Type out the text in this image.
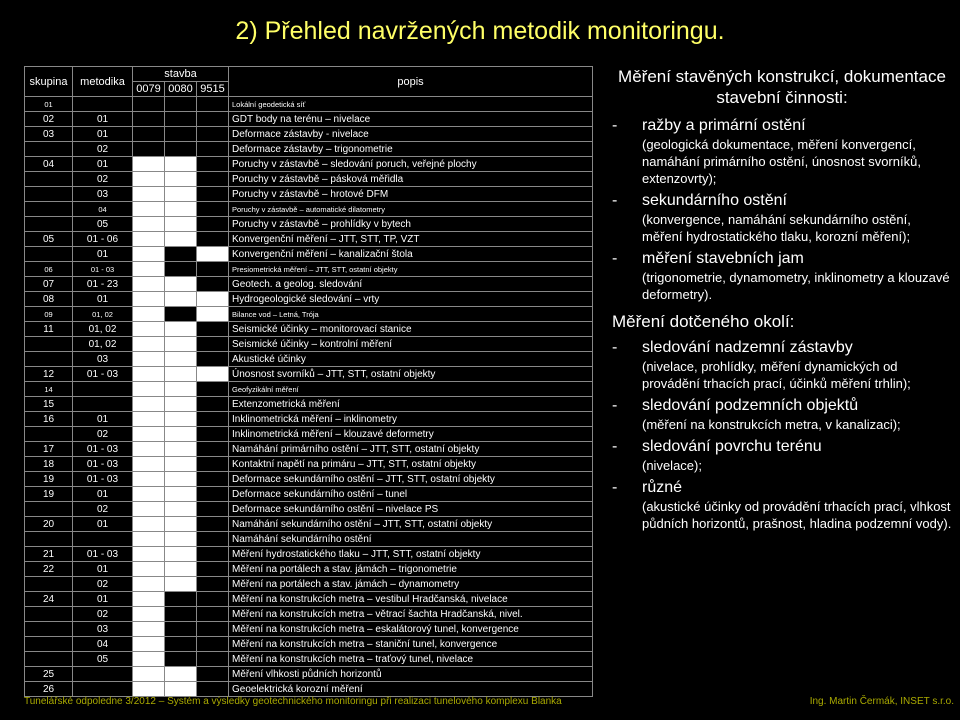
2) Přehled navržených metodik monitoringu.
skupina	metodika	stavba			popis
		0079	0080	9515	
01					Lokální geodetická síť
02	01				GDT body na terénu – nivelace
03	01				Deformace zástavby - nivelace
	02				Deformace zástavby – trigonometrie
04	01				Poruchy v zástavbě – sledování poruch, veřejné plochy
	02				Poruchy v zástavbě – pásková měřidla
	03				Poruchy v zástavbě – hrotové DFM
	04				Poruchy v zástavbě – automatické dilatometry
	05				Poruchy v zástavbě – prohlídky v bytech
05	01 - 06				Konvergenční měření – JTT, STT, TP, VZT
	01				Konvergenční měření – kanalizační štola
06	01 - 03				Presiometrická měření – JTT, STT, ostatní objekty
07	01 - 23				Geotech. a geolog. sledování
08	01				Hydrogeologické sledování – vrty
09	01, 02				Bilance vod – Letná, Trója
11	01, 02				Seismické účinky – monitorovací stanice
	01, 02				Seismické účinky – kontrolní měření
	03				Akustické účinky
12	01 - 03				Únosnost svorníků – JTT, STT, ostatní objekty
14					Geofyzikální měření
15					Extenzometrická měření
16	01				Inklinometrická měření – inklinometry
	02				Inklinometrická měření – klouzavé deformetry
17	01 - 03				Namáhání primárního ostění – JTT, STT, ostatní objekty
18	01 - 03				Kontaktní napětí na primáru – JTT, STT, ostatní objekty
19	01 - 03				Deformace sekundárního ostění – JTT, STT, ostatní objekty
19	01				Deformace sekundárního ostění – tunel
	02				Deformace sekundárního ostění – nivelace PS
20	01				Namáhání sekundárního ostění – JTT, STT, ostatní objekty
					Namáhání sekundárního ostění
21	01 - 03				Měření hydrostatického tlaku – JTT, STT, ostatní objekty
22	01				Měření na portálech a stav. jámách – trigonometrie
	02				Měření na portálech a stav. jámách – dynamometry
24	01				Měření na konstrukcích metra – vestibul Hradčanská, nivelace
	02				Měření na konstrukcích metra – větrací šachta Hradčanská, nivel.
	03				Měření na konstrukcích metra – eskalátorový tunel, konvergence
	04				Měření na konstrukcích metra – staniční tunel, konvergence
	05				Měření na konstrukcích metra – traťový tunel, nivelace
25					Měření vlhkosti půdních horizontů
26					Geoelektrická korozní měření
Měření stavěných konstrukcí, dokumentace stavební činnosti:
-	ražby a primární ostění
(geologická dokumentace, měření konvergencí, namáhání primárního ostění, únosnost svorníků, extenzovrty);
-	sekundárního ostění
(konvergence, namáhání sekundárního ostění, měření hydrostatického tlaku, korozní měření);
-	měření stavebních jam
(trigonometrie, dynamometry, inklinometry a klouzavé deformetry).
Měření dotčeného okolí:
-	sledování nadzemní zástavby
(nivelace, prohlídky, měření dynamických od provádění trhacích prací, účinků měření trhlin);
-	sledování podzemních objektů
(měření na konstrukcích metra, v kanalizaci);
-	sledování povrchu terénu
(nivelace);
-	různé
(akustické účinky od provádění trhacích prací, vlhkost půdních horizontů, prašnost, hladina podzemní vody).
Tunelářské odpoledne 3/2012 – Systém a výsledky geotechnického monitoringu při realizaci tunelového komplexu Blanka	Ing. Martin Čermák, INSET s.r.o.
